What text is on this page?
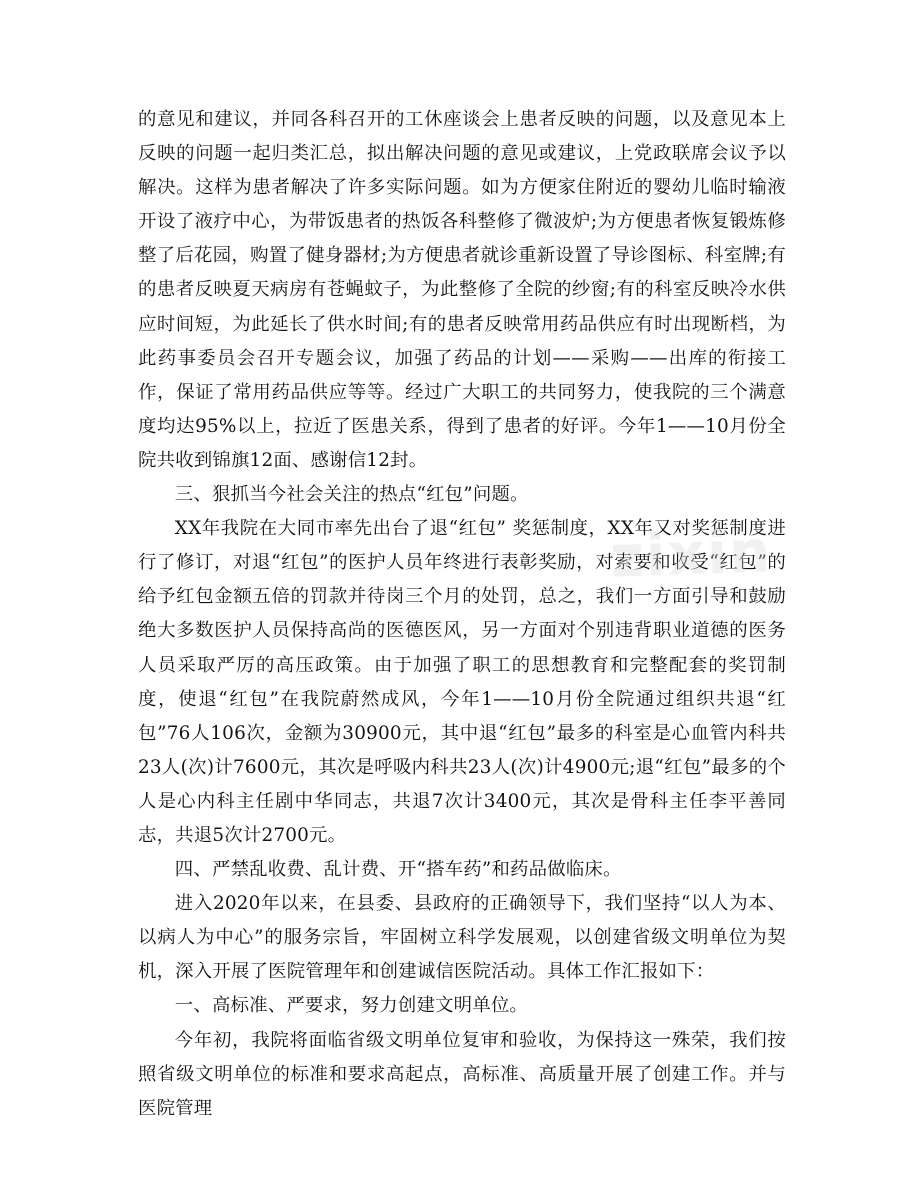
的意见和建议，并同各科召开的工休座谈会上患者反映的问题，以及意见本上反映的问题一起归类汇总，拟出解决问题的意见或建议，上党政联席会议予以解决。这样为患者解决了许多实际问题。如为方便家住附近的婴幼儿临时输液开设了液疗中心，为带饭患者的热饭各科整修了微波炉;为方便患者恢复锻炼修整了后花园，购置了健身器材;为方便患者就诊重新设置了导诊图标、科室牌;有的患者反映夏天病房有苍蝇蚊子，为此整修了全院的纱窗;有的科室反映冷水供应时间短，为此延长了供水时间;有的患者反映常用药品供应有时出现断档，为此药事委员会召开专题会议，加强了药品的计划——采购——出库的衔接工作，保证了常用药品供应等等。经过广大职工的共同努力，使我院的三个满意度均达95%以上，拉近了医患关系，得到了患者的好评。今年1——10月份全院共收到锦旗12面、感谢信12封。

三、狠抓当今社会关注的热点“红包”问题。

XX年我院在大同市率先出台了退“红包” 奖惩制度，XX年又对奖惩制度进行了修订，对退“红包”的医护人员年终进行表彰奖励，对索要和收受“红包”的给予红包金额五倍的罚款并待岗三个月的处罚，总之，我们一方面引导和鼓励绝大多数医护人员保持高尚的医德医风，另一方面对个别违背职业道德的医务人员采取严厉的高压政策。由于加强了职工的思想教育和完整配套的奖罚制度，使退“红包”在我院蔚然成风，今年1——10月份全院通过组织共退“红包”76人106次，金额为30900元，其中退“红包”最多的科室是心血管内科共23人(次)计7600元，其次是呼吸内科共23人(次)计4900元;退“红包”最多的个人是心内科主任剧中华同志，共退7次计3400元，其次是骨科主任李平善同志，共退5次计2700元。

四、严禁乱收费、乱计费、开“搭车药”和药品做临床。

进入2020年以来，在县委、县政府的正确领导下，我们坚持“以人为本、以病人为中心”的服务宗旨，牢固树立科学发展观，以创建省级文明单位为契机，深入开展了医院管理年和创建诚信医院活动。具体工作汇报如下：

一、高标准、严要求，努力创建文明单位。

今年初，我院将面临省级文明单位复审和验收，为保持这一殊荣，我们按照省级文明单位的标准和要求高起点，高标准、高质量开展了创建工作。并与医院管理

zixin
